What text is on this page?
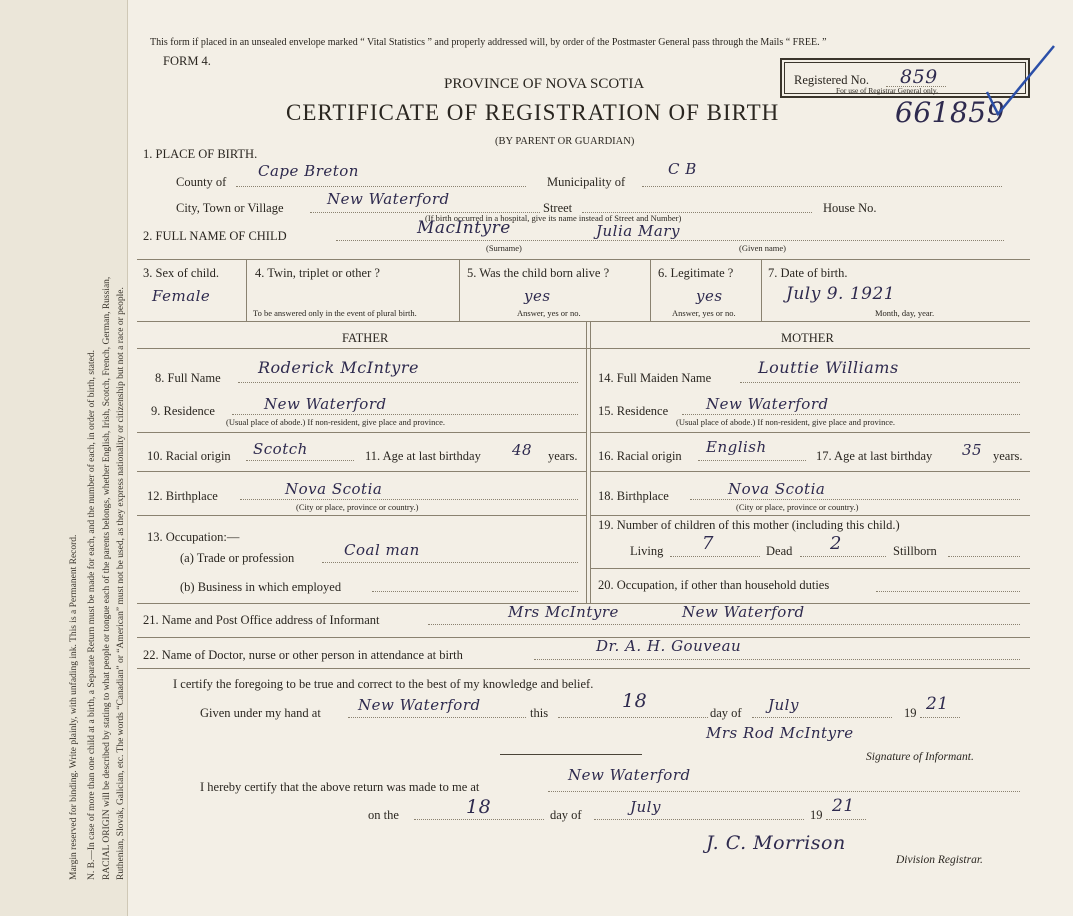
Margin reserved for binding. Write plainly, with unfading ink. This is a Permanent Record. N. B.—In case of more than one child at a birth, a Separate Return must be made for each, and the number of each, in order of birth, stated. RACIAL ORIGIN will be described by stating to what people or tongue each of the parents belongs, whether English, Irish, Scotch, French, German, Russian, Ruthenian, Slovak, Galician, etc. The words “Canadian” or “American” must not be used, as they express nationality or citizenship but not a race or people.
This form if placed in an unsealed envelope marked “ Vital Statistics ” and properly addressed will, by order of the Postmaster General pass through the Mails “ FREE. ”
FORM 4.
PROVINCE OF NOVA SCOTIA
CERTIFICATE OF REGISTRATION OF BIRTH	661859
(BY PARENT OR GUARDIAN)
Registered No. 859
For use of Registrar General only.
1. PLACE OF BIRTH.
County of
Cape Breton
Municipality of
C B
City, Town or Village	New Waterford	Street	House No.
(If birth occurred in a hospital, give its name instead of Street and Number)
2. FULL NAME OF CHILD	MacIntyre	Julia Mary
(Surname)	(Given name)
3. Sex of child.
Female
4. Twin, triplet or other ?
To be answered only in the event of plural birth.
5. Was the child born alive ?
yes
Answer, yes or no.
6. Legitimate ?
yes
Answer, yes or no.
7. Date of birth.
July 9. 1921
Month, day, year.
FATHER	MOTHER
8. Full Name
Roderick McIntyre
9. Residence	New Waterford
(Usual place of abode.) If non-resident, give place and province.
10. Racial origin Scotch	11. Age at last birthday 48 years.
12. Birthplace	Nova Scotia
(City or place, province or country.)
13. Occupation:—
(a) Trade or profession	Coal man
(b) Business in which employed
14. Full Maiden Name
Louttie Williams
15. Residence	New Waterford
(Usual place of abode.) If non-resident, give place and province.
16. Racial origin English	17. Age at last birthday 35 years.
18. Birthplace	Nova Scotia
(City or place, province or country.)
19. Number of children of this mother (including this child.)
Living 7	Dead 2	Stillborn
20. Occupation, if other than household duties
21. Name and Post Office address of Informant	Mrs McIntyre	New Waterford
22. Name of Doctor, nurse or other person in attendance at birth	Dr. A. H. Gouveau
I certify the foregoing to be true and correct to the best of my knowledge and belief.
Given under my hand at New Waterford	this
18
day of July	19 21
Mrs Rod McIntyre
Signature of Informant.
I hereby certify that the above return was made to me at
New Waterford
on the	18	day of	July	19 21
J. C. Morrison
Division Registrar.
